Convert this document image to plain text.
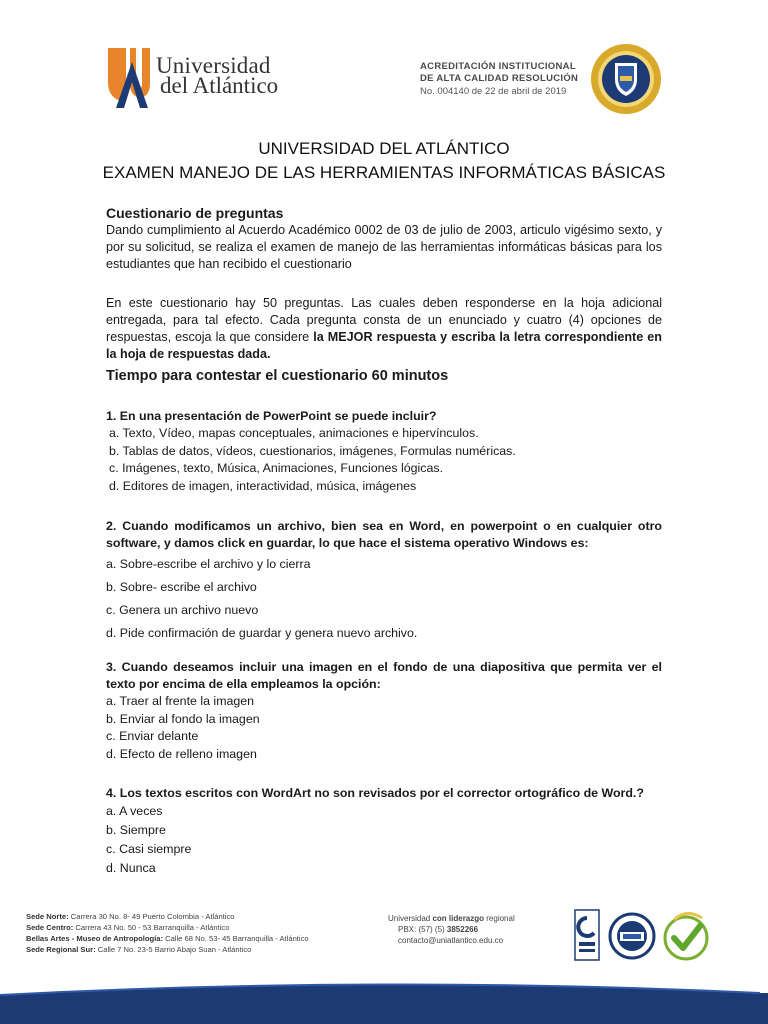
Universidad
del Atlántico
ACREDITACIÓN INSTITUCIONAL
DE ALTA CALIDAD RESOLUCIÓN
No. 004140 de 22 de abril de 2019
UNIVERSIDAD DEL ATLÁNTICO
EXAMEN MANEJO DE LAS HERRAMIENTAS INFORMÁTICAS BÁSICAS
Cuestionario de preguntas
Dando cumplimiento al Acuerdo Académico 0002 de 03 de julio de 2003, articulo vigésimo sexto, y por su solicitud, se realiza el examen de manejo de las herramientas informáticas básicas para los estudiantes que han recibido el cuestionario
En este cuestionario hay 50 preguntas. Las cuales deben responderse en la hoja adicional entregada, para tal efecto. Cada pregunta consta de un enunciado y cuatro (4) opciones de respuestas, escoja la que considere la MEJOR respuesta y escriba la letra correspondiente en la hoja de respuestas dada.
Tiempo para contestar el cuestionario 60 minutos
1. En una presentación de PowerPoint se puede incluir?
a. Texto, Vídeo, mapas conceptuales, animaciones e hipervínculos.
b. Tablas de datos, vídeos, cuestionarios, imágenes, Formulas numéricas.
c. Imágenes, texto, Música, Animaciones, Funciones lógicas.
d. Editores de imagen, interactividad, música, imágenes
2. Cuando modificamos un archivo, bien sea en Word, en powerpoint o en cualquier otro software, y damos click en guardar, lo que hace el sistema operativo Windows es:
a. Sobre-escribe el archivo y lo cierra
b. Sobre- escribe el archivo
c. Genera un archivo nuevo
d. Pide confirmación de guardar y genera nuevo archivo.
3. Cuando deseamos incluir una imagen en el fondo de una diapositiva que permita ver el texto por encima de ella empleamos la opción:
a. Traer al frente la imagen
b. Enviar al fondo la imagen
c. Enviar delante
d. Efecto de relleno imagen
4. Los textos escritos con WordArt no son revisados por el corrector ortográfico de Word.?
a. A veces
b. Siempre
c. Casi siempre
d. Nunca
Sede Norte: Carrera 30 No. 8- 49 Puerto Colombia - Atlántico
Sede Centro: Carrera 43 No. 50 - 53 Barranquilla - Atlántico
Bellas Artes - Museo de Antropología: Calle 68 No. 53- 45 Barranquilla - Atlántico
Sede Regional Sur: Calle 7 No. 23-5 Barrio Abajo Suan - Atlántico
Universidad con liderazgo regional
PBX: (57) (5) 3852266
contacto@uniatlantico.edu.co
